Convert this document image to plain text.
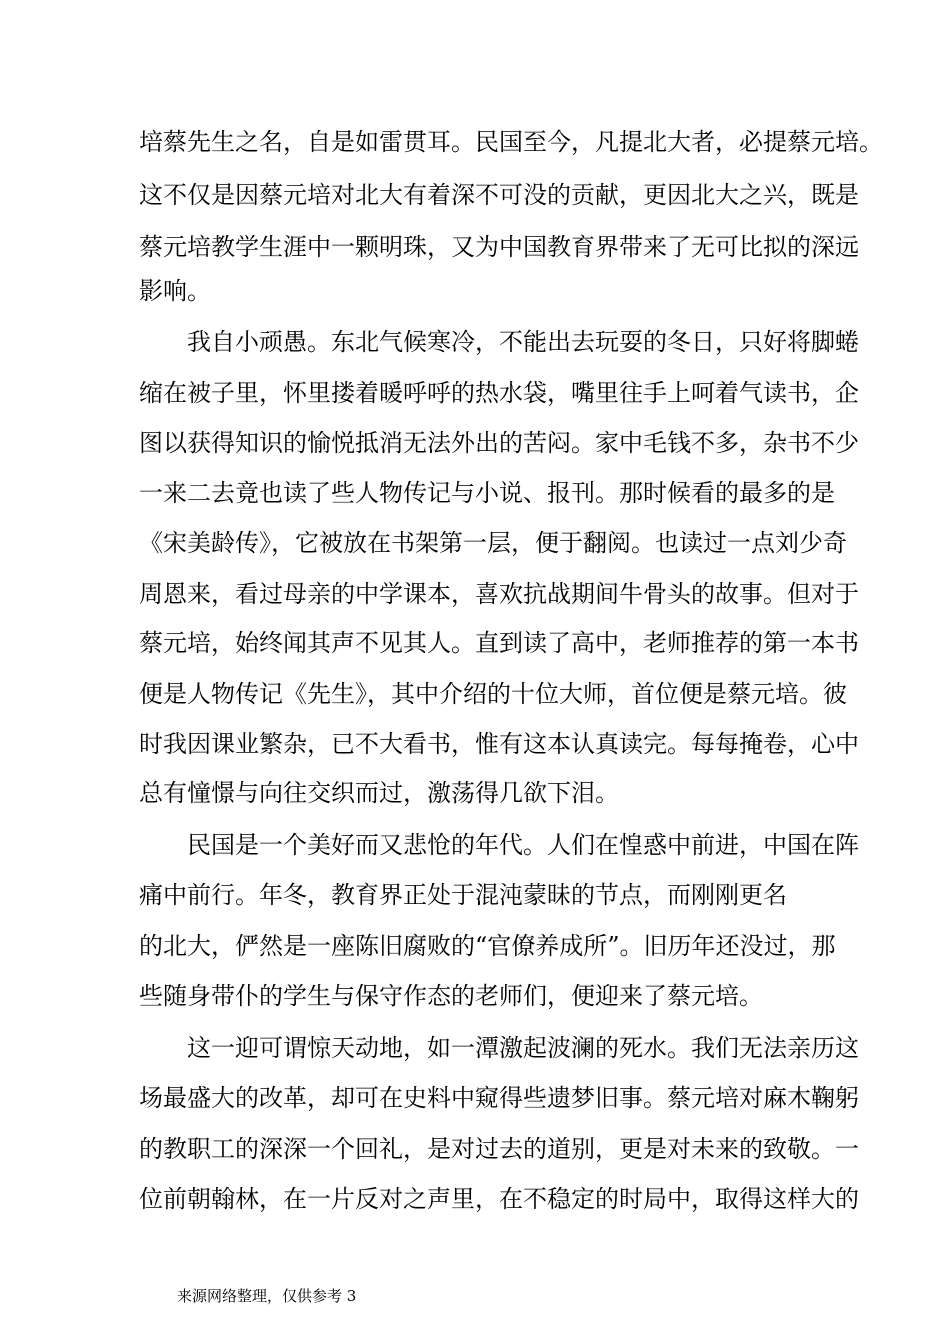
培蔡先生之名，自是如雷贯耳。民国至今，凡提北大者，必提蔡元培。
这不仅是因蔡元培对北大有着深不可没的贡献，更因北大之兴，既是
蔡元培教学生涯中一颗明珠，又为中国教育界带来了无可比拟的深远
影响。
我自小顽愚。东北气候寒冷，不能出去玩耍的冬日，只好将脚蜷
缩在被子里，怀里搂着暖呼呼的热水袋，嘴里往手上呵着气读书，企
图以获得知识的愉悦抵消无法外出的苦闷。家中毛钱不多，杂书不少
一来二去竟也读了些人物传记与小说、报刊。那时候看的最多的是
《宋美龄传》，它被放在书架第一层，便于翻阅。也读过一点刘少奇
周恩来，看过母亲的中学课本，喜欢抗战期间牛骨头的故事。但对于
蔡元培，始终闻其声不见其人。直到读了高中，老师推荐的第一本书
便是人物传记《先生》，其中介绍的十位大师，首位便是蔡元培。彼
时我因课业繁杂，已不大看书，惟有这本认真读完。每每掩卷，心中
总有憧憬与向往交织而过，激荡得几欲下泪。
民国是一个美好而又悲怆的年代。人们在惶惑中前进，中国在阵
痛中前行。年冬，教育界正处于混沌蒙昧的节点，而刚刚更名
的北大，俨然是一座陈旧腐败的“官僚养成所”。旧历年还没过，那
些随身带仆的学生与保守作态的老师们，便迎来了蔡元培。
这一迎可谓惊天动地，如一潭激起波澜的死水。我们无法亲历这
场最盛大的改革，却可在史料中窥得些遗梦旧事。蔡元培对麻木鞠躬
的教职工的深深一个回礼，是对过去的道别，更是对未来的致敬。一
位前朝翰林，在一片反对之声里，在不稳定的时局中，取得这样大的
来源网络整理，仅供参考 3
